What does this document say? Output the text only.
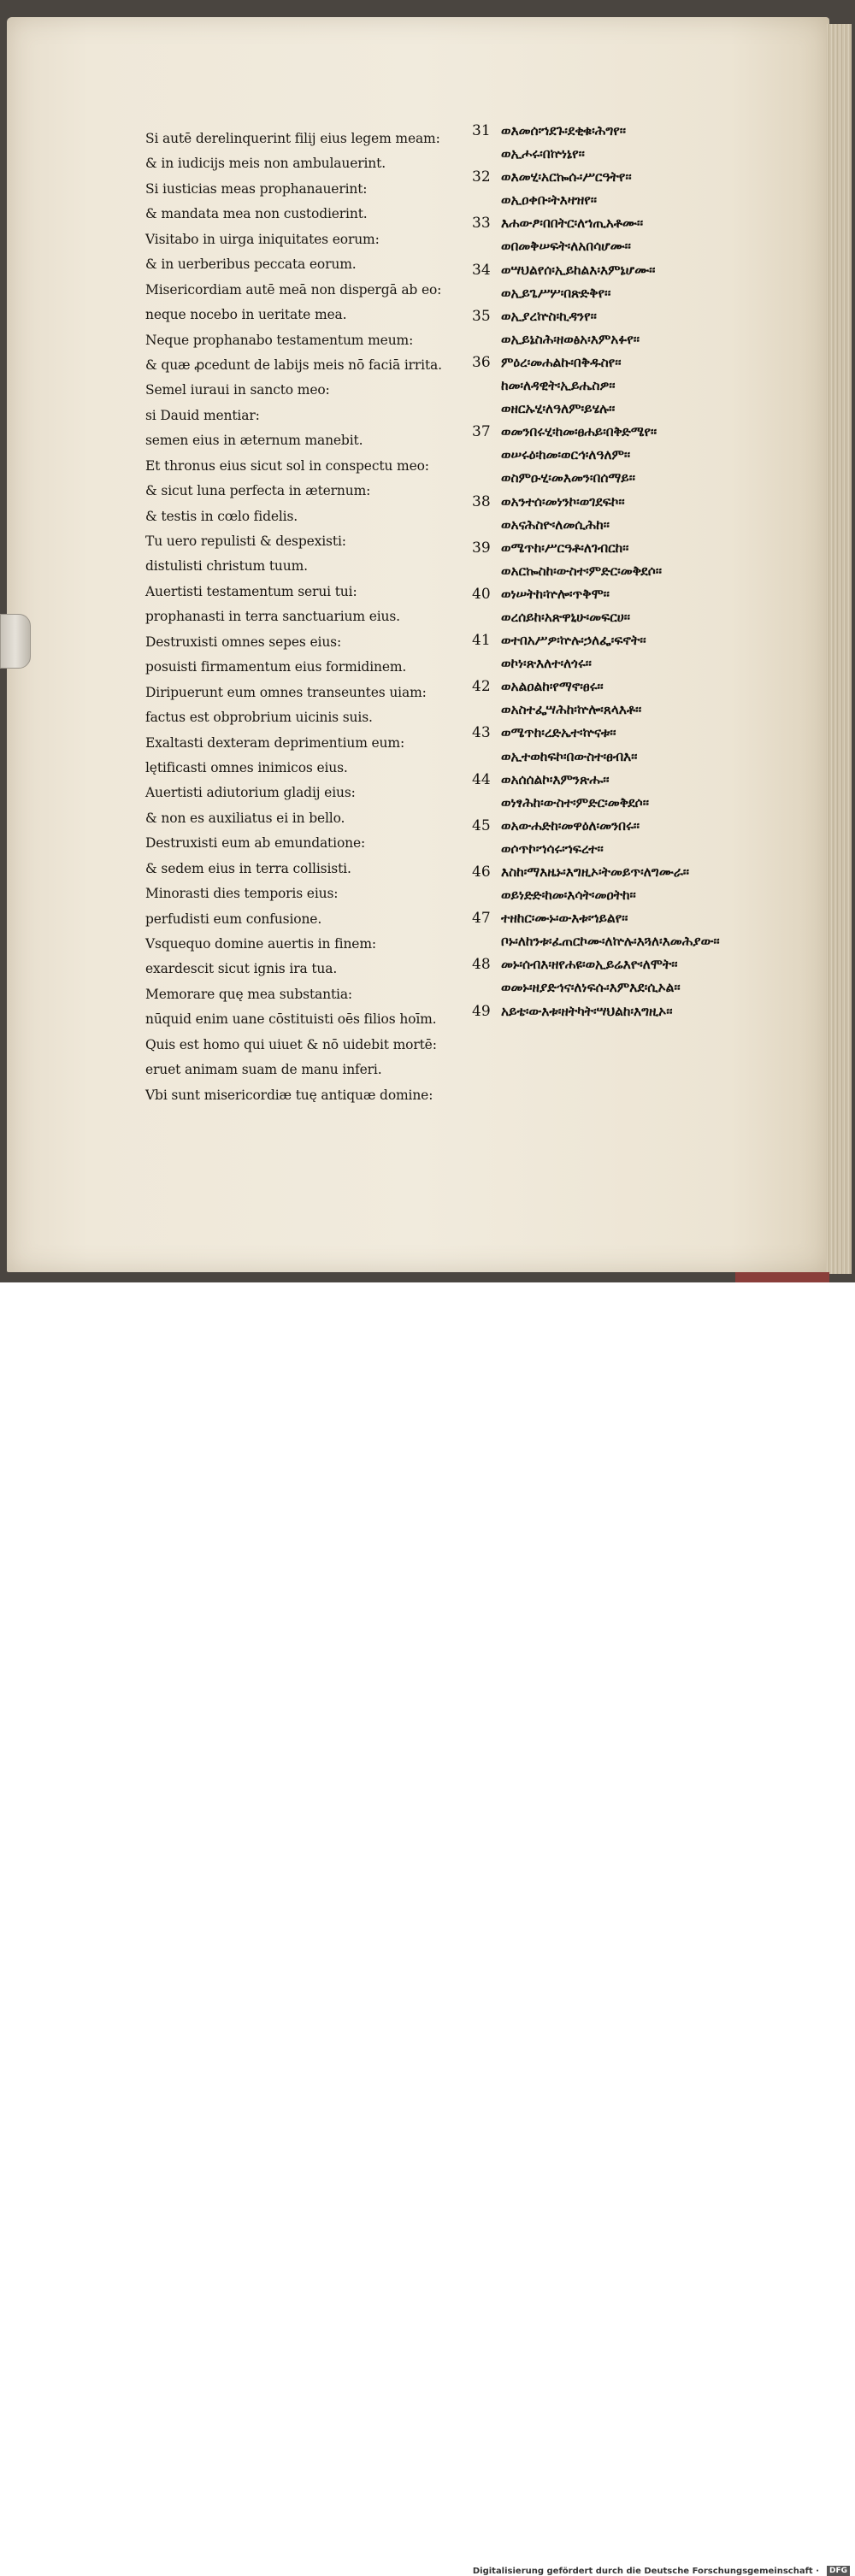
Si autē derelinquerint filij eius legem meam:
& in iudicijs meis non ambulauerint.
Si iusticias meas prophanauerint:
& mandata mea non custodierint.
Visitabo in uirga iniquitates eorum:
& in uerberibus peccata eorum.
Misericordiam autē meā non dispergā ab eo:
neque nocebo in ueritate mea.
Neque prophanabo testamentum meum:
& quæ ꝓcedunt de labijs meis nō faciā irrita.
Semel iuraui in sancto meo:
si Dauid mentiar:
semen eius in æternum manebit.
Et thronus eius sicut sol in conspectu meo:
& sicut luna perfecta in æternum:
& testis in cœlo fidelis.
Tu uero repulisti & despexisti:
distulisti christum tuum.
Auertisti testamentum serui tui:
prophanasti in terra sanctuarium eius.
Destruxisti omnes sepes eius:
posuisti firmamentum eius formidinem.
Diripuerunt eum omnes transeuntes uiam:
factus est obprobrium uicinis suis.
Exaltasti dexteram deprimentium eum:
lętificasti omnes inimicos eius.
Auertisti adiutorium gladij eius:
& non es auxiliatus ei in bello.
Destruxisti eum ab emundatione:
& sedem eius in terra collisisti.
Minorasti dies temporis eius:
perfudisti eum confusione.
Vsquequo domine auertis in finem:
exardescit sicut ignis ira tua.
Memorare quę mea substantia:
nūquid enim uane cōstituisti oēs filios hoīm.
Quis est homo qui uiuet & nō uidebit mortē:
eruet animam suam de manu inferi.
Vbi sunt misericordiæ tuę antiquæ domine:
31 ወእመሰ፡ኀደጉ፡ደቂቁ፡ሕግየ፡፡
ወኢሖሩ፡በኵነኔየ፡፡
32 ወእመሂ፡አርኰሱ፡ሥርዓትየ፡፡
ወኢዐቀቡ፡ትእዛዝየ፡፡
33 እሐውፆ፡በበትር፡ለኀጢአቶሙ፡፡
ወበመቅሠፍት፡ለአበሳሆሙ፡፡
34 ወሣህልየሰ፡ኢይከልእ፡እምኔሆሙ፡፡
ወኢይጌሥሦ፡በጽድቅየ፡፡
35 ወኢያረኵስ፡ኪዳንየ፡፡
ወኢይኔስሕ፡ዘወፅአ፡እምአፉየ፡፡
36 ምዕረ፡መሐልኩ፡በቅዱስየ፡፡
ከመ፡ለዳዊት፡ኢይሔስዎ፡፡
ወዘርኡሂ፡ለዓለም፡ይሄሉ፡፡
37 ወመንበሩሂ፡ከመ፡ፀሐይ፡በቅድሜየ፡፡
ወሠሩዕ፡ከመ፡ወርኅ፡ለዓለም፡፡
ወስምዑሂ፡መእመን፡በሰማይ፡፡
38 ወአንተሰ፡መነንኮ፡ወገደፍኮ፡፡
ወአናሕስዮ፡ለመሲሕከ፡፡
39 ወሜጥከ፡ሥርዓቶ፡ለገብርከ፡፡
ወአርኰስከ፡ውስተ፡ምድር፡መቅደሶ፡፡
40 ወነሠትከ፡ኵሎ፡ጥቅሞ፡፡
ወረሰይከ፡አጽዋኒሁ፡መፍርሀ፡፡
41 ወተበአሥዎ፡ኵሉ፡ኃለፌ፡ፍኖት፡፡
ወኮነ፡ጽእለተ፡ለጎሩ፡፡
42 ወአልዐልከ፡የማኖ፡ፀሩ፡፡
ወአስተፌሣሕከ፡ኵሎ፡ጸላእቶ፡፡
43 ወሜጥከ፡ረድኤተ፡ኵናቱ፡፡
ወኢተወከፍኮ፡በውስተ፡ፀብእ፡፡
44 ወአሰሰልኮ፡እምንጽሑ፡፡
ወነፃሕከ፡ውስተ፡ምድር፡መቅደሶ፡፡
45 ወአውሐድከ፡መዋዕለ፡መንበሩ፡፡
ወሶጥኮ፡ኀሳሩ፡ኀፍረተ፡፡
46 እስከ፡ማእዜኑ፡እግዚኦ፡ትመይጥ፡ለግሙራ፡፡
ወይነድድ፡ከመ፡እሳት፡መዐትከ፡፡
47 ተዘከር፡ሙኑ፡ውእቱ፡ኀይልየ፡፡
ቦኑ፡ለከንቱ፡ፈጠርኮሙ፡ለኵሉ፡እጓለ፡እመሕያው፡፡
48 መኑ፡ሰብእ፡ዘየሐዩ፡ወኢይሬእዮ፡ለሞት፡፡
ወመኑ፡ዘያድኅና፡ለነፍሱ፡እምእደ፡ሲኦል፡፡
49 አይቴ፡ውእቱ፡ዘትካት፡ሣህልከ፡እግዚኦ፡፡
Digitalisierung gefördert durch die Deutsche Forschungsgemeinschaft ·	DFG
